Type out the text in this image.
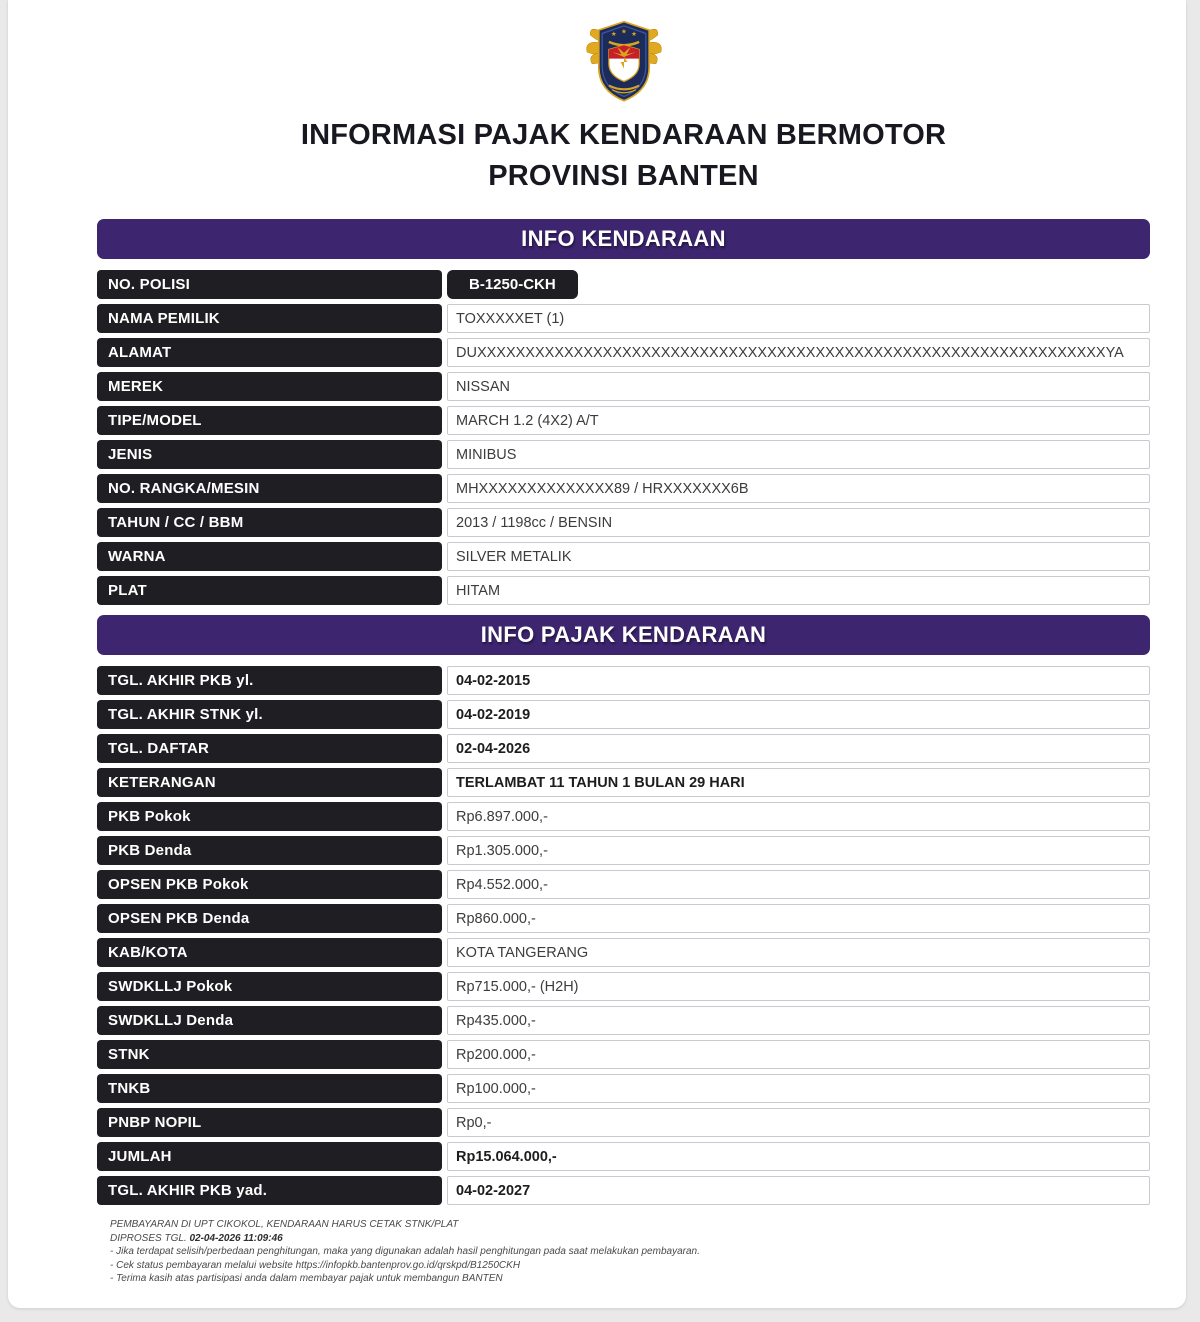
★ ★ ★
INFORMASI PAJAK KENDARAAN BERMOTOR
PROVINSI BANTEN
INFO KENDARAAN
NO. POLISI	B-1250-CKH
NAMA PEMILIK	TOXXXXXET (1)
ALAMAT	DUXXXXXXXXXXXXXXXXXXXXXXXXXXXXXXXXXXXXXXXXXXXXXXXXXXXXXXXXXXXXXXXXXYA
MEREK	NISSAN
TIPE/MODEL	MARCH 1.2 (4X2) A/T
JENIS	MINIBUS
NO. RANGKA/MESIN	MHXXXXXXXXXXXXXX89 / HRXXXXXXX6B
TAHUN / CC / BBM	2013 / 1198cc / BENSIN
WARNA	SILVER METALIK
PLAT	HITAM
INFO PAJAK KENDARAAN
TGL. AKHIR PKB yl.	04-02-2015
TGL. AKHIR STNK yl.	04-02-2019
TGL. DAFTAR	02-04-2026
KETERANGAN	TERLAMBAT 11 TAHUN 1 BULAN 29 HARI
PKB Pokok	Rp6.897.000,-
PKB Denda	Rp1.305.000,-
OPSEN PKB Pokok	Rp4.552.000,-
OPSEN PKB Denda	Rp860.000,-
KAB/KOTA	KOTA TANGERANG
SWDKLLJ Pokok	Rp715.000,- (H2H)
SWDKLLJ Denda	Rp435.000,-
STNK	Rp200.000,-
TNKB	Rp100.000,-
PNBP NOPIL	Rp0,-
JUMLAH	Rp15.064.000,-
TGL. AKHIR PKB yad.	04-02-2027
PEMBAYARAN DI UPT CIKOKOL, KENDARAAN HARUS CETAK STNK/PLAT
DIPROSES TGL. 02-04-2026 11:09:46
- Jika terdapat selisih/perbedaan penghitungan, maka yang digunakan adalah hasil penghitungan pada saat melakukan pembayaran.
- Cek status pembayaran melalui website https://infopkb.bantenprov.go.id/qrskpd/B1250CKH
- Terima kasih atas partisipasi anda dalam membayar pajak untuk membangun BANTEN
